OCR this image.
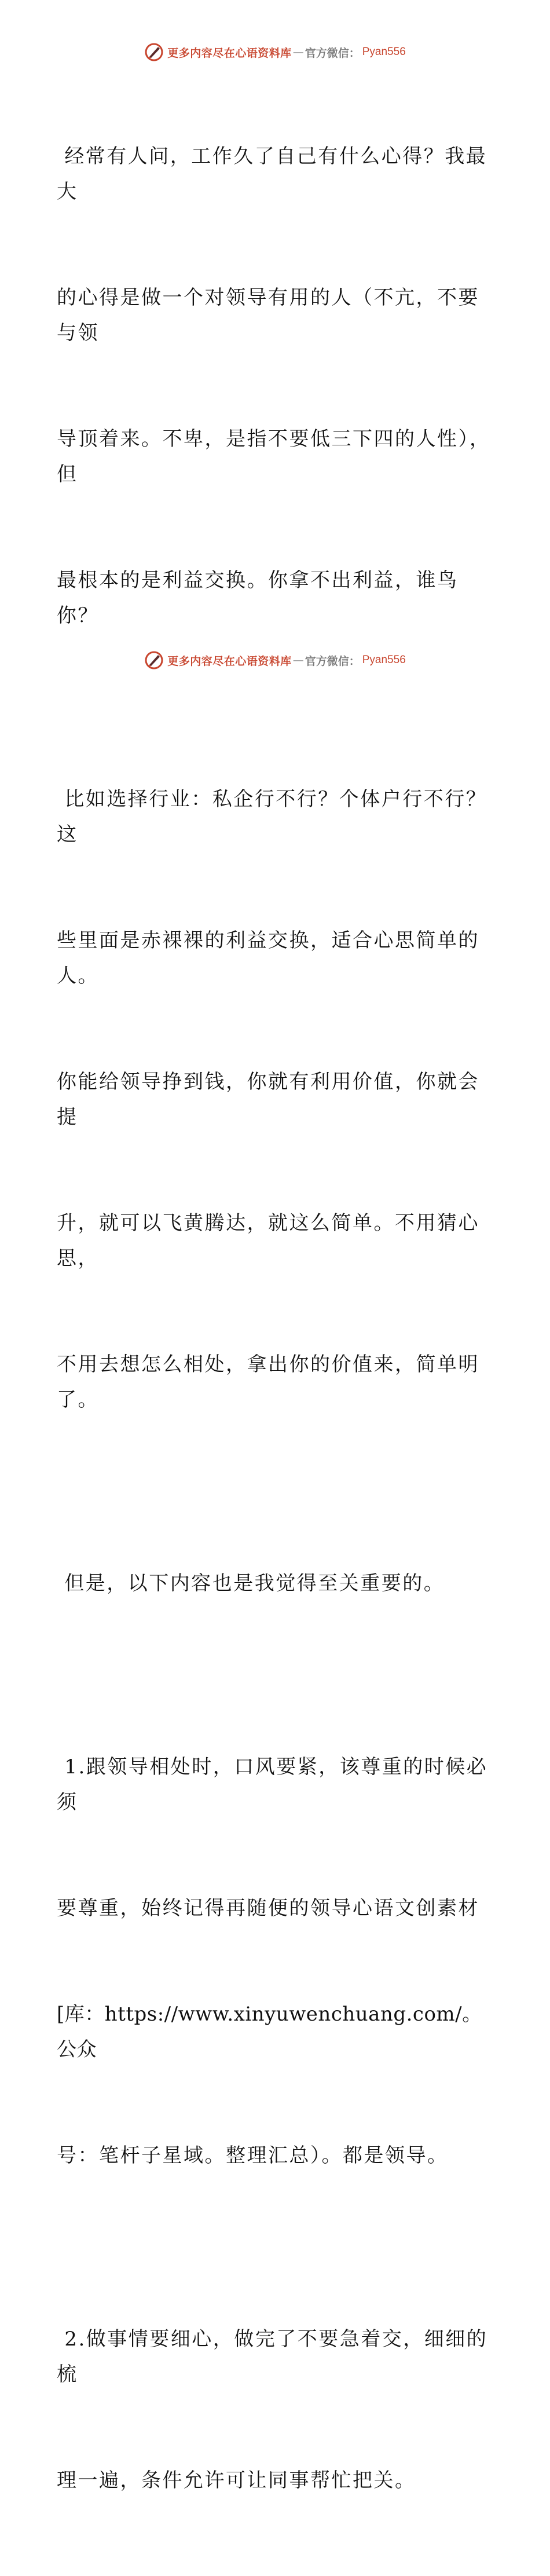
更多内容尽在心语资料库 — 官方微信： Pyan556

经常有人问，工作久了自己有什么心得？我最大

的心得是做一个对领导有用的人（不亢，不要与领

导顶着来。不卑，是指不要低三下四的人性），但

最根本的是利益交换。你拿不出利益，谁鸟你？

比如选择行业：私企行不行？个体户行不行？这

些里面是赤裸裸的利益交换，适合心思简单的人。

你能给领导挣到钱，你就有利用价值，你就会提

升，就可以飞黄腾达，就这么简单。不用猜心思，

不用去想怎么相处，拿出你的价值来，简单明了。

但是，以下内容也是我觉得至关重要的。

1.跟领导相处时，口风要紧，该尊重的时候必须

要尊重，始终记得再随便的领导心语文创素材

[库：https://www.xinyuwenchuang.com/。公众

号：笔杆子星域。整理汇总）。都是领导。

2.做事情要细心，做完了不要急着交，细细的梳

理一遍，条件允许可让同事帮忙把关。

更多内容尽在心语资料库 — 官方微信： Pyan556
